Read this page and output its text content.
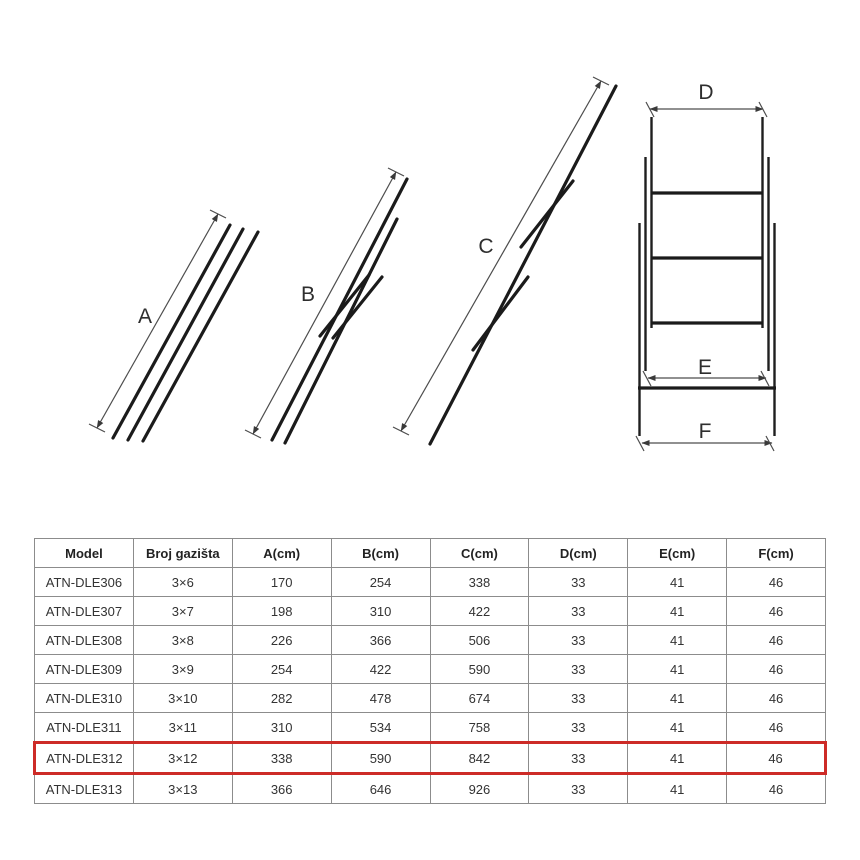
A
B
C
D
E
F
Model	Broj gazišta	A(cm)	B(cm)	C(cm)	D(cm)	E(cm)	F(cm)
ATN-DLE306	3×6	170	254	338	33	41	46
ATN-DLE307	3×7	198	310	422	33	41	46
ATN-DLE308	3×8	226	366	506	33	41	46
ATN-DLE309	3×9	254	422	590	33	41	46
ATN-DLE310	3×10	282	478	674	33	41	46
ATN-DLE311	3×11	310	534	758	33	41	46
ATN-DLE312	3×12	338	590	842	33	41	46
ATN-DLE313	3×13	366	646	926	33	41	46
